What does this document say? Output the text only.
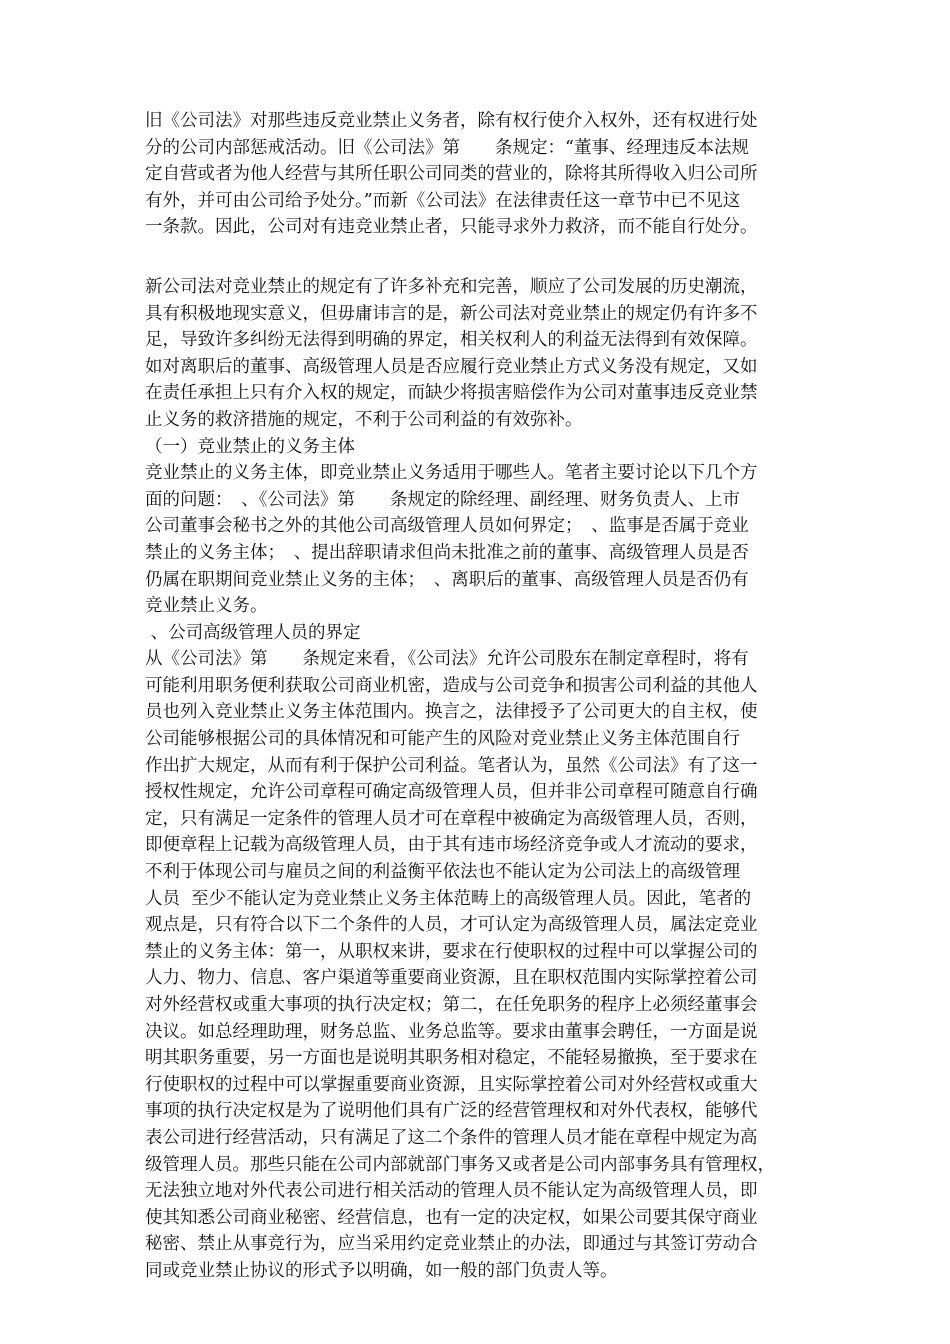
旧《公司法》对那些违反竞业禁止义务者，除有权行使介入权外，还有权进行处
分的公司内部惩戒活动。旧《公司法》第　　条规定：“董事、经理违反本法规
定自营或者为他人经营与其所任职公司同类的营业的，除将其所得收入归公司所
有外，并可由公司给予处分。”而新《公司法》在法律责任这一章节中已不见这
一条款。因此，公司对有违竞业禁止者，只能寻求外力救济，而不能自行处分。
新公司法对竞业禁止的规定有了许多补充和完善，顺应了公司发展的历史潮流，
具有积极地现实意义，但毋庸讳言的是，新公司法对竞业禁止的规定仍有许多不
足，导致许多纠纷无法得到明确的界定，相关权利人的利益无法得到有效保障。
如对离职后的董事、高级管理人员是否应履行竞业禁止方式义务没有规定，又如
在责任承担上只有介入权的规定，而缺少将损害赔偿作为公司对董事违反竞业禁
止义务的救济措施的规定，不利于公司利益的有效弥补。
（一）竞业禁止的义务主体
竞业禁止的义务主体，即竞业禁止义务适用于哪些人。笔者主要讨论以下几个方
面的问题：　、《公司法》第　　条规定的除经理、副经理、财务负责人、上市
公司董事会秘书之外的其他公司高级管理人员如何界定；　、监事是否属于竞业
禁止的义务主体；　、提出辞职请求但尚未批准之前的董事、高级管理人员是否
仍属在职期间竞业禁止义务的主体；　、离职后的董事、高级管理人员是否仍有
竞业禁止义务。
、公司高级管理人员的界定
从《公司法》第　　条规定来看，《公司法》允许公司股东在制定章程时，将有
可能利用职务便利获取公司商业机密，造成与公司竞争和损害公司利益的其他人
员也列入竞业禁止义务主体范围内。换言之，法律授予了公司更大的自主权，使
公司能够根据公司的具体情况和可能产生的风险对竞业禁止义务主体范围自行
作出扩大规定，从而有利于保护公司利益。笔者认为，虽然《公司法》有了这一
授权性规定，允许公司章程可确定高级管理人员，但并非公司章程可随意自行确
定，只有满足一定条件的管理人员才可在章程中被确定为高级管理人员，否则，
即便章程上记载为高级管理人员，由于其有违市场经济竞争或人才流动的要求，
不利于体现公司与雇员之间的利益衡平依法也不能认定为公司法上的高级管理
人员  至少不能认定为竞业禁止义务主体范畴上的高级管理人员。因此，笔者的
观点是，只有符合以下二个条件的人员，才可认定为高级管理人员，属法定竞业
禁止的义务主体：第一，从职权来讲，要求在行使职权的过程中可以掌握公司的
人力、物力、信息、客户渠道等重要商业资源，且在职权范围内实际掌控着公司
对外经营权或重大事项的执行决定权；第二，在任免职务的程序上必须经董事会
决议。如总经理助理，财务总监、业务总监等。要求由董事会聘任，一方面是说
明其职务重要，另一方面也是说明其职务相对稳定，不能轻易撤换，至于要求在
行使职权的过程中可以掌握重要商业资源，且实际掌控着公司对外经营权或重大
事项的执行决定权是为了说明他们具有广泛的经营管理权和对外代表权，能够代
表公司进行经营活动，只有满足了这二个条件的管理人员才能在章程中规定为高
级管理人员。那些只能在公司内部就部门事务又或者是公司内部事务具有管理权，
无法独立地对外代表公司进行相关活动的管理人员不能认定为高级管理人员，即
使其知悉公司商业秘密、经营信息，也有一定的决定权，如果公司要其保守商业
秘密、禁止从事竞行为，应当采用约定竞业禁止的办法，即通过与其签订劳动合
同或竞业禁止协议的形式予以明确，如一般的部门负责人等。
